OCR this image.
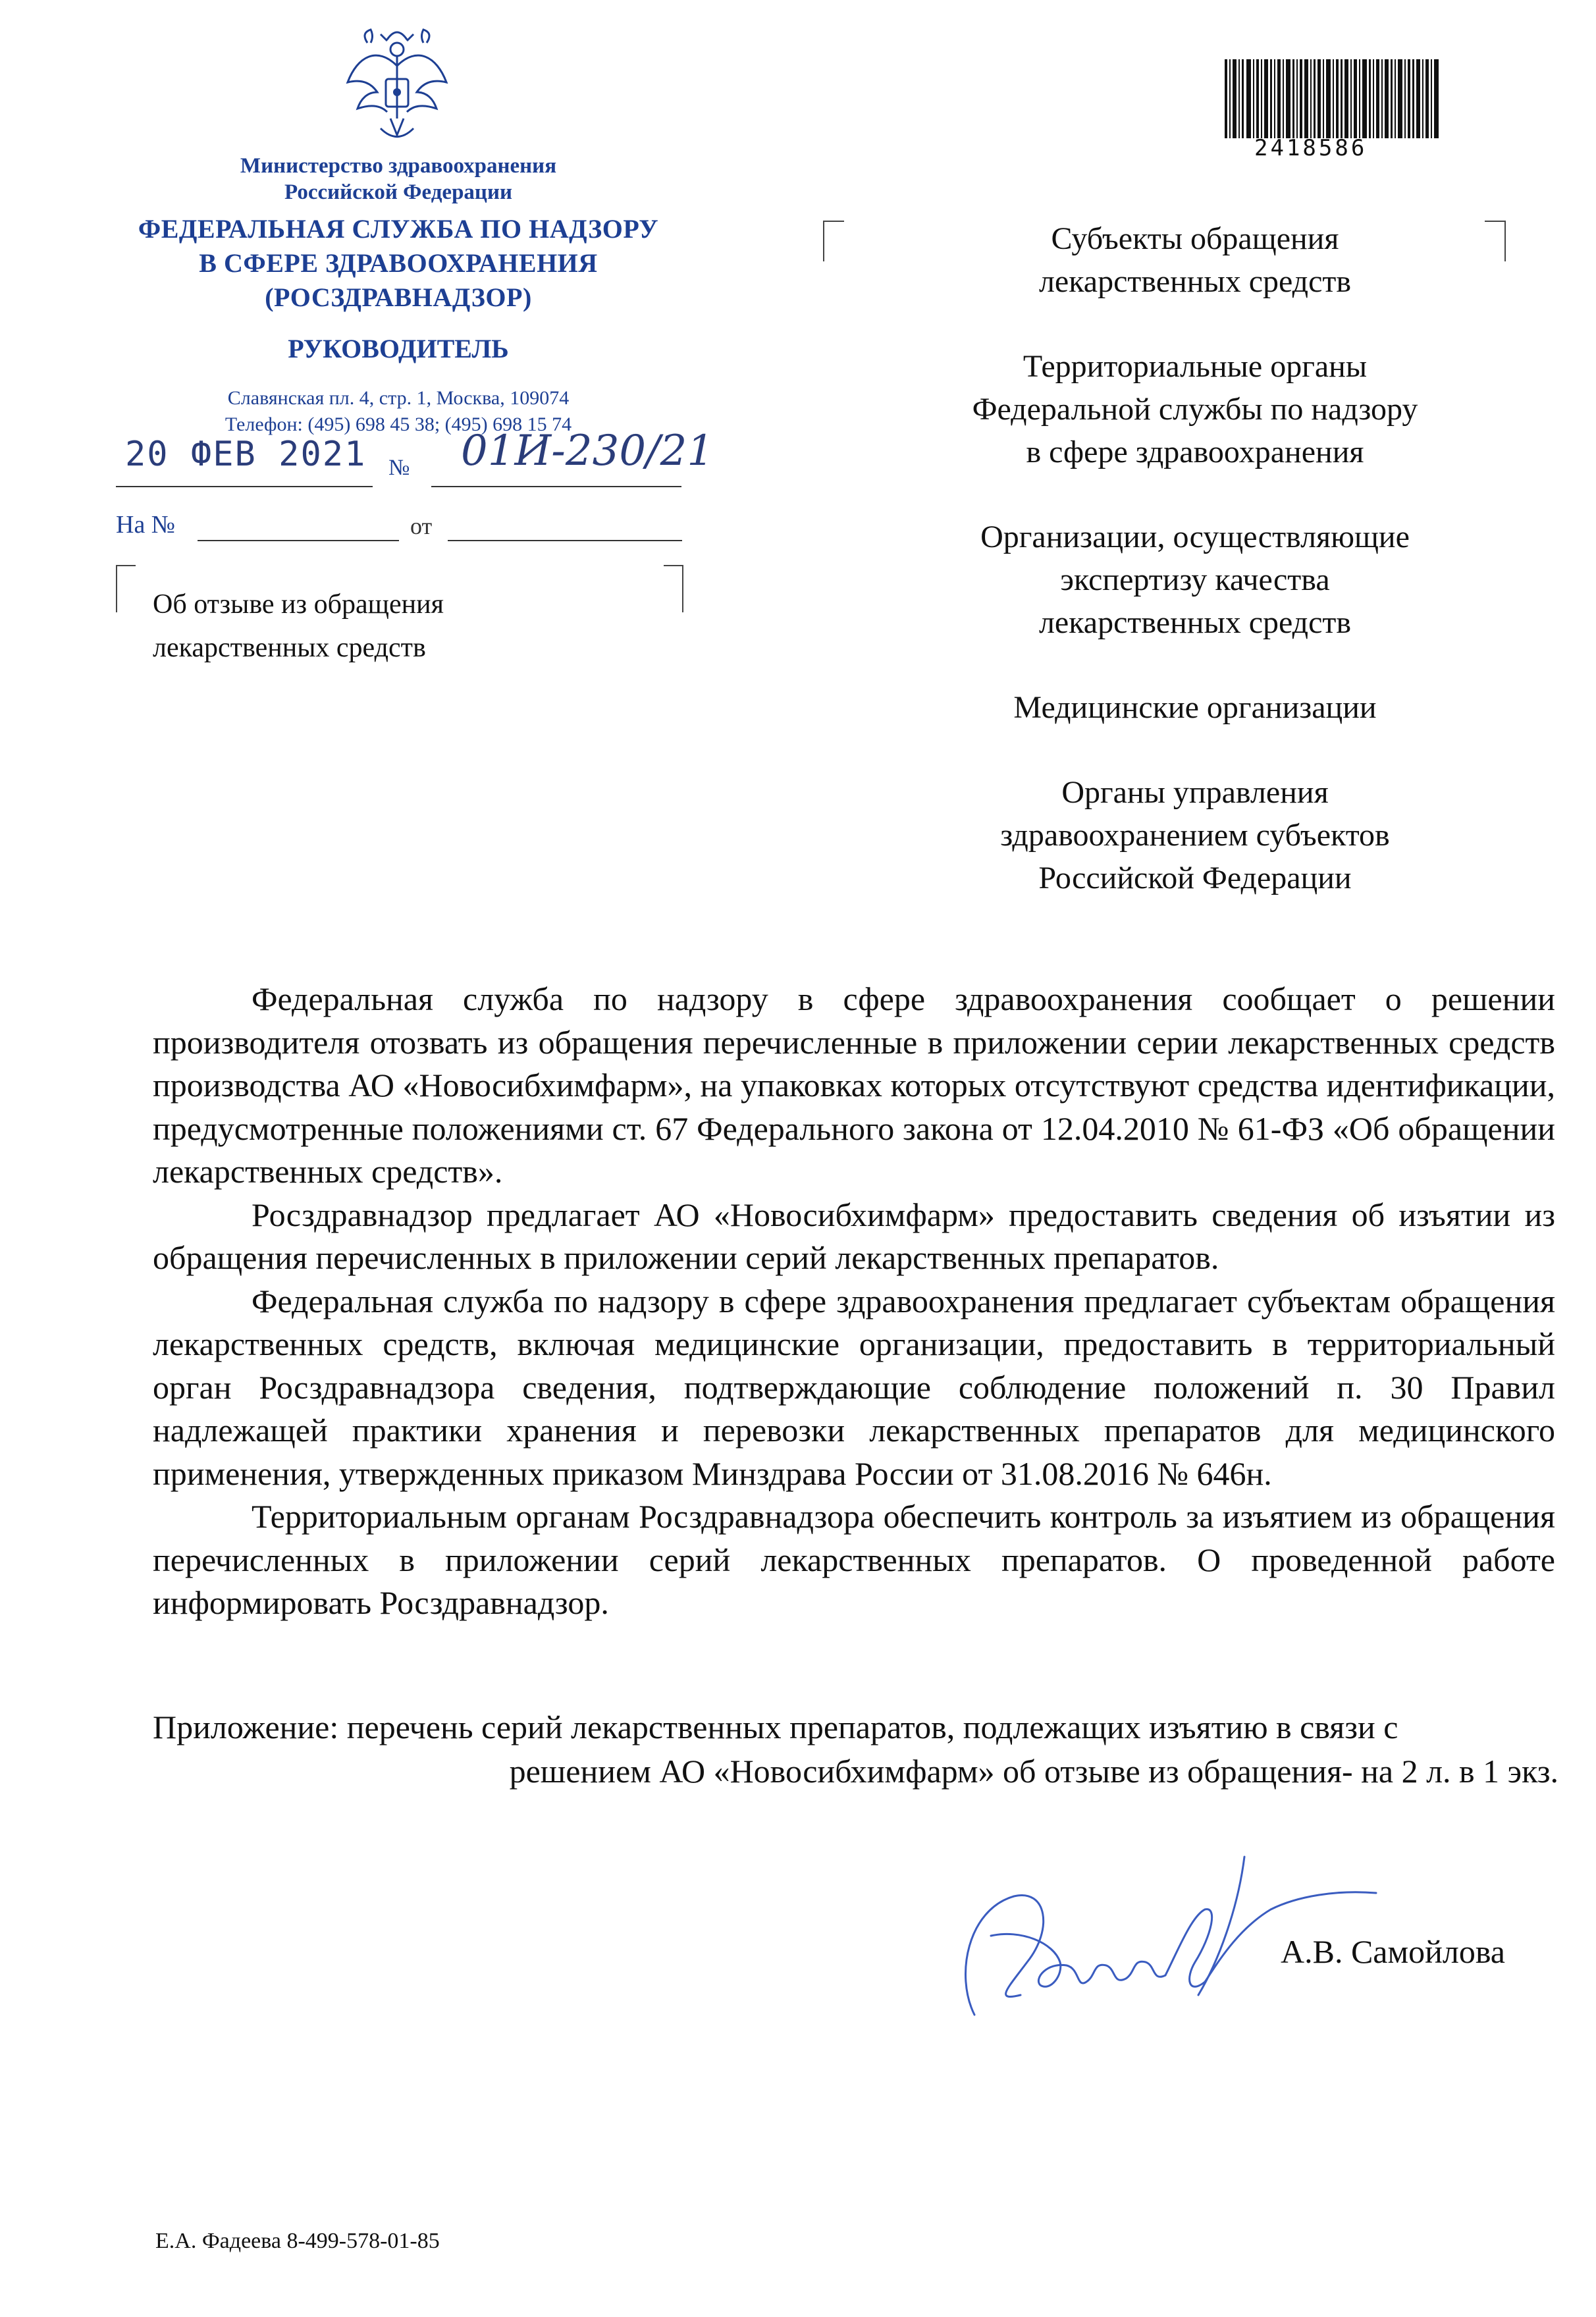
Министерство здравоохранения
Российской Федерации
ФЕДЕРАЛЬНАЯ СЛУЖБА ПО НАДЗОРУ
В СФЕРЕ ЗДРАВООХРАНЕНИЯ
(РОСЗДРАВНАДЗОР)
РУКОВОДИТЕЛЬ
Славянская пл. 4, стр. 1, Москва, 109074
Телефон: (495) 698 45 38; (495) 698 15 74
20 ФЕВ 2021 № 01И-230/21
На №	от
Об отзыве из обращения
лекарственных средств
2418586

Субъекты обращения
лекарственных средств

Территориальные органы
Федеральной службы по надзору
в сфере здравоохранения

Организации, осуществляющие
экспертизу качества
лекарственных средств

Медицинские организации

Органы управления
здравоохранением субъектов
Российской Федерации

Федеральная служба по надзору в сфере здравоохранения сообщает о решении производителя отозвать из обращения перечисленные в приложении серии лекарственных средств производства АО «Новосибхимфарм», на упаковках которых отсутствуют средства идентификации, предусмотренные положениями ст. 67 Федерального закона от 12.04.2010 № 61-ФЗ «Об обращении лекарственных средств».

Росздравнадзор предлагает АО «Новосибхимфарм» предоставить сведения об изъятии из обращения перечисленных в приложении серий лекарственных препаратов.

Федеральная служба по надзору в сфере здравоохранения предлагает субъектам обращения лекарственных средств, включая медицинские организации, предоставить в территориальный орган Росздравнадзора сведения, подтверждающие соблюдение положений п. 30 Правил надлежащей практики хранения и перевозки лекарственных препаратов для медицинского применения, утвержденных приказом Минздрава России от 31.08.2016 № 646н.

Территориальным органам Росздравнадзора обеспечить контроль за изъятием из обращения перечисленных в приложении серий лекарственных препаратов. О проведенной работе информировать Росздравнадзор.

Приложение: перечень серий лекарственных препаратов, подлежащих изъятию в связи с
решением АО «Новосибхимфарм» об отзыве из обращения- на 2 л. в 1 экз.
А.В. Самойлова
Е.А. Фадеева 8-499-578-01-85
